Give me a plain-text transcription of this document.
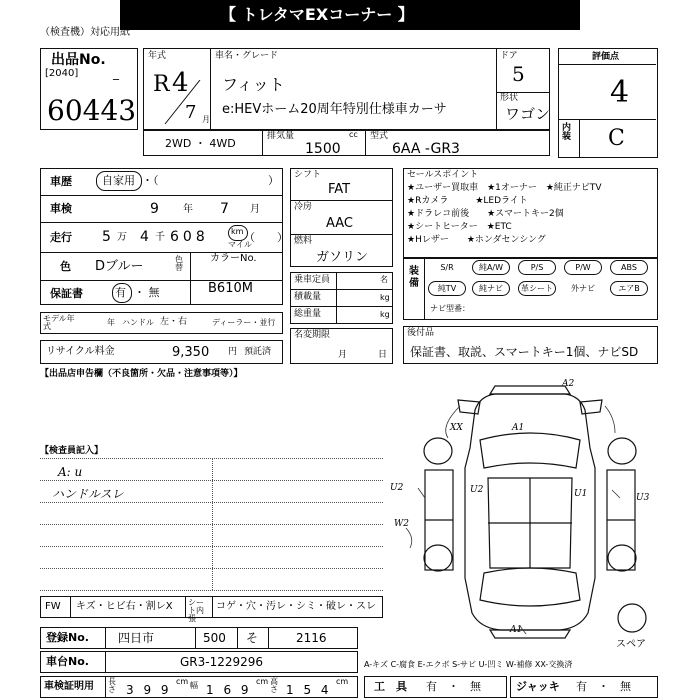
【 トレタマEXコーナー 】
（検査機）対応用紙
出品No.
[2040]	_
60443
年式
R 4
7 月
車名・グレード
フィット
e:HEVホーム20周年特別仕様車カーサ
ドア
5
形状
ワゴン
評価点
4
内装 C
2WD ・ 4WD
排気量	cc
1500
型式
6AA -GR3
車歴	自家用 ・（	）
車検	9 年 7 月
走行 5 万 4 千 608	km
マイル
（　　）
色 Dブルー	色替
カラーNo.
B610M
保証書	有 ・ 無
モデル年式	年 ハンドル 左・右	ディーラー・並行
リサイクル料金	9,350 円 預託済
シフト
FAT
冷房
AAC
燃料
ガソリン
乗車定員	名
積載量	kg
総重量	kg
名変期限
月	日
セールスポイント
★ユーザー買取車　★1オーナー　★純正ナビTV
★Rカメラ　　　★LEDライト
★ドラレコ前後　　★スマートキー2個
★シートヒーター　★ETC
★Hレザー　　★ホンダセンシング
装備
S/R	純A/W	P/S	P/W	ABS
純TV	純ナビ	革シート	外ナビ	エアB
ナビ型番：
後付品
保証書、取説、スマートキー1個、ナビSD
【出品店申告欄（不良箇所・欠品・注意事項等）】
【検査員記入】
A: u
ハンドルスレ
A2
A1
XX
U2	U2	U1	U3
W2
A1
スペア
FW キズ・ヒビ右・割レX シート内張
コゲ・穴・汚レ・シミ・破レ・スレ
登録No. 四日市	500 そ	2116
車台No.	GR3-1229296
車検証明用 長さ 3 9 9
cm 幅 1 6 9
cm 高さ 1 5 4
cm
A-キズ C-腐食 E-エクボ S-サビ U-凹ミ W-補修 XX-交換済
工　具 有　・　無	ジャッキ 有　・　無
